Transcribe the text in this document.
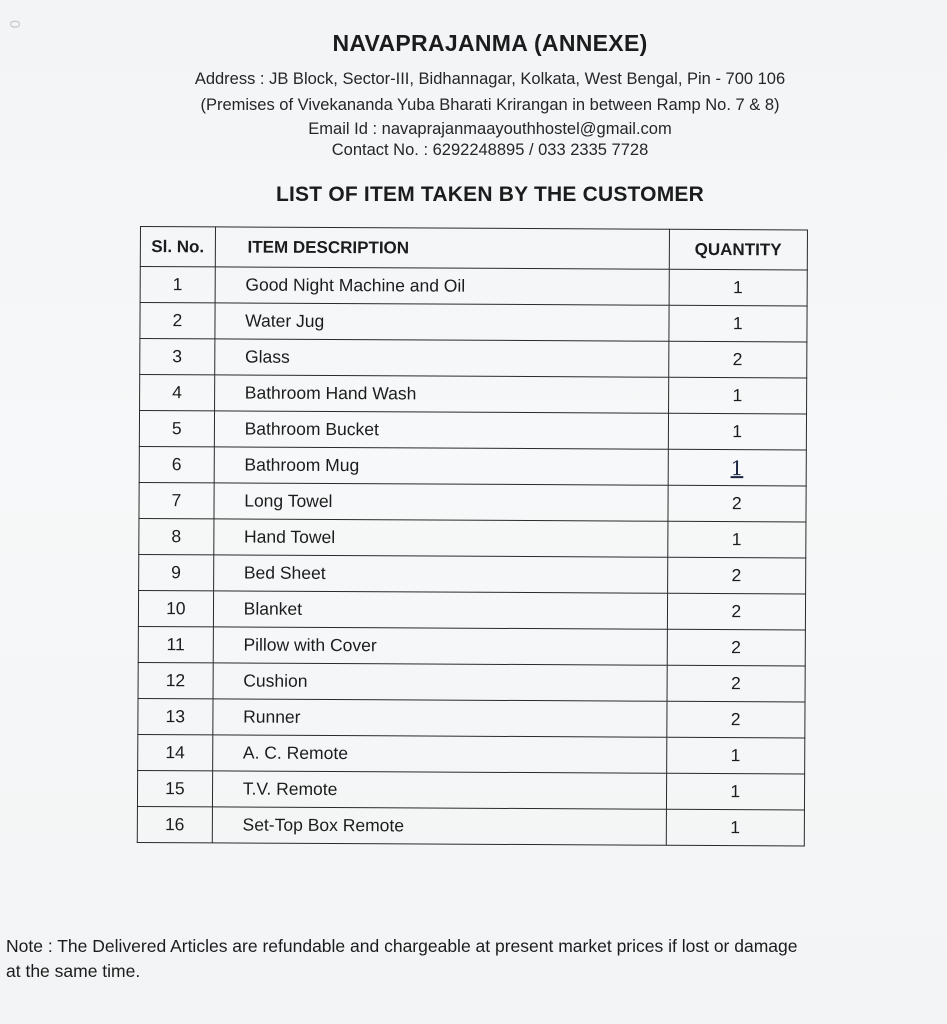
0
NAVAPRAJANMA (ANNEXE)
Address : JB Block, Sector-III, Bidhannagar, Kolkata, West Bengal, Pin - 700 106
(Premises of Vivekananda Yuba Bharati Krirangan in between Ramp No. 7 & 8)
Email Id : navaprajanmaayouthhostel@gmail.com
Contact No. : 6292248895 / 033 2335 7728
LIST OF ITEM TAKEN BY THE CUSTOMER
Sl. No.	ITEM DESCRIPTION	QUANTITY
1	Good Night Machine and Oil	1
2	Water Jug	1
3	Glass	2
4	Bathroom Hand Wash	1
5	Bathroom Bucket	1
6	Bathroom Mug	1
7	Long Towel	2
8	Hand Towel	1
9	Bed Sheet	2
10	Blanket	2
11	Pillow with Cover	2
12	Cushion	2
13	Runner	2
14	A. C. Remote	1
15	T.V. Remote	1
16	Set-Top Box Remote	1
Note : The Delivered Articles are refundable and chargeable at present market prices if lost or damage
at the same time.
